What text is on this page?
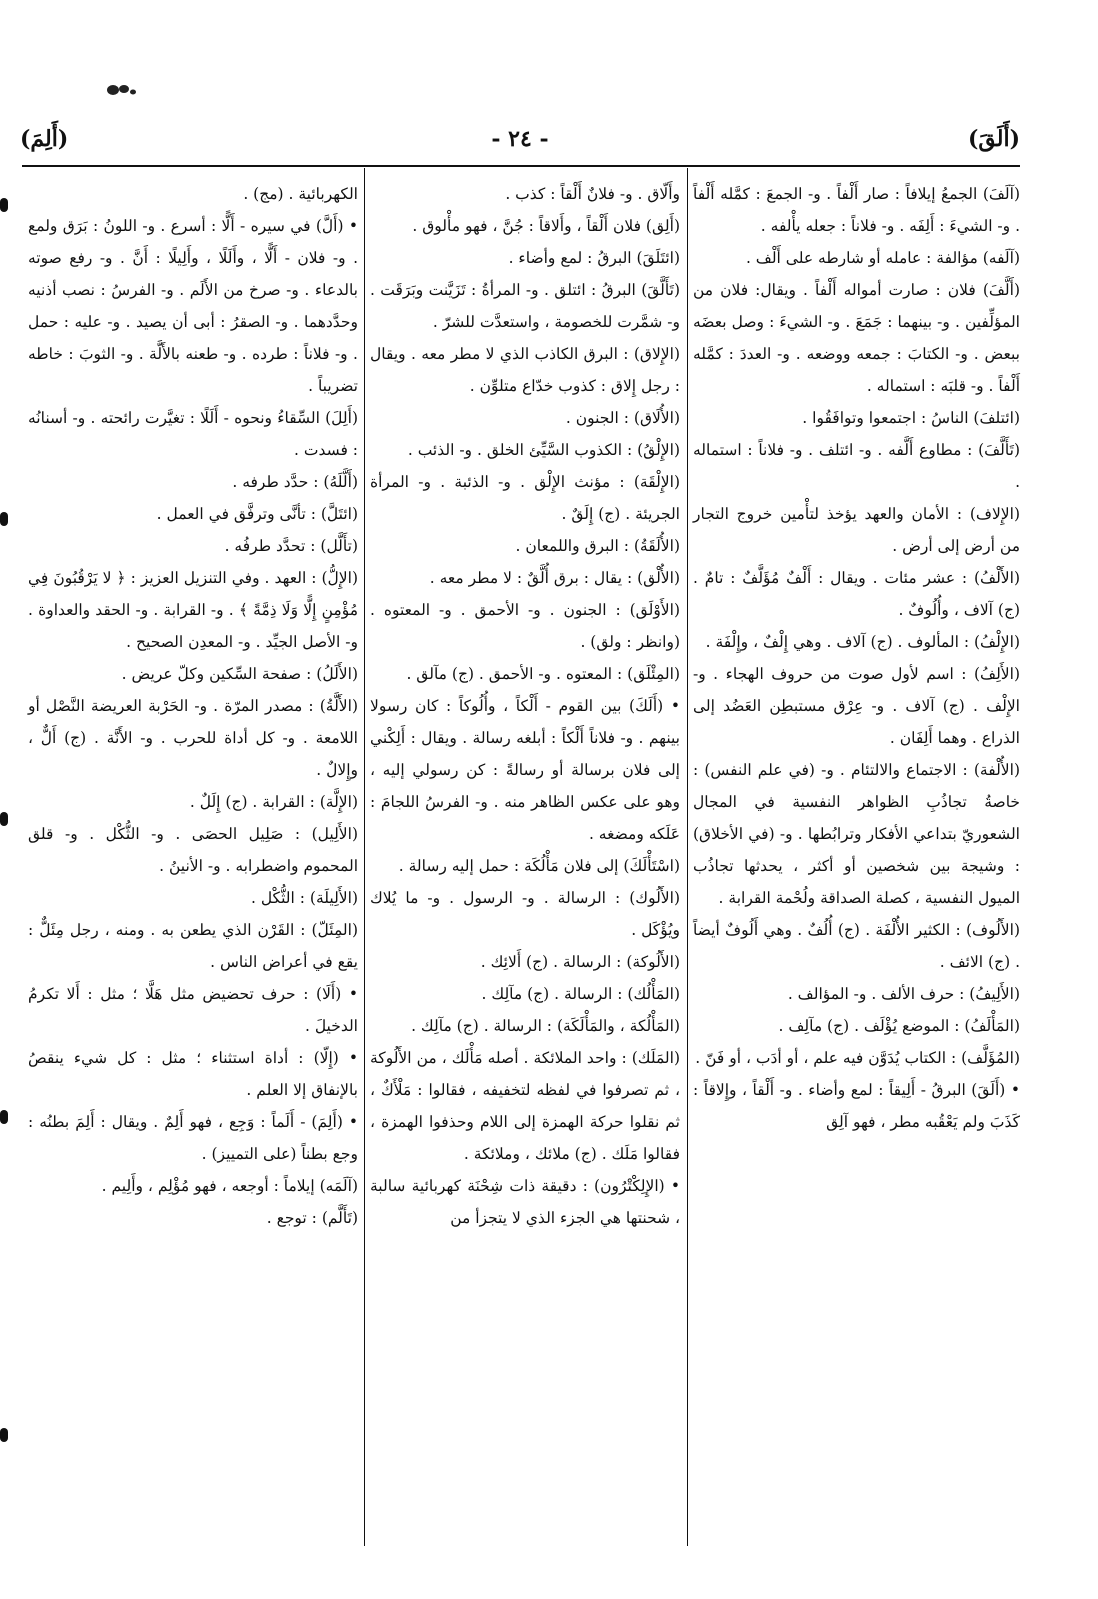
(أَلَقَ)
- ٢٤ -
(أَلِمَ)

(آلَفَ) الجمعُ إيلافاً : صار أَلْفاً . و- الجمعَ : كمَّله أَلْفاً . و- الشيءَ : أَلِفَه . و- فلاناً : جعله يأْلفه .

(آلَفه) مؤالفة : عامله أو شارطه على أَلْف .

(أَلَّفَ) فلان : صارت أمواله أَلْفاً . ويقال: فلان من المؤلِّفين . و- بينهما : جَمَعَ . و- الشيءَ : وصل بعضَه ببعض . و- الكتابَ : جمعه ووضعه . و- العددَ : كمَّله أَلْفاً . و- قلبَه : استماله .

(ائتلفَ) الناسُ : اجتمعوا وتوافَقُوا .

(تَأَلَّفَ) : مطاوع أَلَّفه . و- ائتلف . و- فلاناً : استماله .

(الإِلاف) : الأمان والعهد يؤخذ لتأْمين خروج التجار من أرض إلى أرض .

(الأَلْفُ) : عشر مئات . ويقال : أَلْفٌ مُؤَلَّفٌ : تامٌ . (ج) آلاف ، وأُلُوفٌ .

(الإِلْفُ) : المألوف . (ج) آلاف . وهي إِلْفٌ ، وإِلْفَة .

(الأَلِفُ) : اسم لأول صوت من حروف الهجاء . و- الإِلْف . (ج) آلاف . و- عِرْق مستبطِن العَضُد إلى الذراع . وهما أَلِفَان .

(الأُلْفة) : الاجتماع والالتئام . و- (في علم النفس) : خاصةُ تجاذُبِ الظواهر النفسية في المجال الشعوريّ بتداعي الأفكار وترابُطها . و- (في الأخلاق) : وشيجة بين شخصين أو أكثر ، يحدثها تجاذُب الميول النفسية ، كصلة الصداقة ولُحْمة القرابة .

(الأَلُوف) : الكثير الأُلْفَة . (ج) أُلُفٌ . وهي أَلُوفٌ أيضاً . (ج) الائف .

(الأَلِيفُ) : حرف الألف . و- المؤالف .

(المَأْلَفُ) : الموضع يُؤْلَف . (ج) مآلِف .

(المُؤَلَّف) : الكتاب يُدَوَّن فيه علم ، أو أدَب ، أو فَنّ .

• (أَلَقَ) البرقُ - أَلِيقاً : لمع وأضاء . و- أَلْقاً ، وإِلاقاً : كَذَبَ ولم يَعْقُبه مطر ، فهو آلِق

وأَلّاق . و- فلانٌ أَلْقاً : كذب .

(أَلِق) فلان أَلْقاً ، وأَلاقاً : جُنَّ ، فهو مأْلوق .

(ائتَلَقَ) البرقُ : لمع وأضاء .

(تَأَلَّقَ) البرقُ : ائتلق . و- المرأةُ : تَزَيَّنت وبَرَقَت . و- شمَّرت للخصومة ، واستعدَّت للشرّ .

(الإِلاق) : البرق الكاذب الذي لا مطر معه . ويقال : رجل إِلاق : كذوب خدّاع متلوِّن .

(الأُلَاق) : الجنون .

(الإِلْقُ) : الكذوب السَّيِّئ الخلق . و- الذئب .

(الإِلْقَة) : مؤنث الإِلْق . و- الذئبة . و- المرأة الجريئة . (ج) إِلَقٌ .

(الأُلَقَةُ) : البرق واللمعان .

(الأُلْق) : يقال : برق أُلَّقٌ : لا مطر معه .

(الأَوْلَق) : الجنون . و- الأحمق . و- المعتوه . (وانظر : ولق) .

(المِئْلَق) : المعتوه . و- الأحمق . (ج) مآلق .

• (أَلَكَ) بين القوم - أَلْكاً ، وأُلُوكاً : كان رسولا بينهم . و- فلاناً أَلْكاً : أبلغه رسالة . ويقال : أَلِكْني إلى فلان برسالة أو رسالةً : كن رسولي إليه ، وهو على عكس الظاهر منه . و- الفرسُ اللجامَ : عَلَكه ومضغه .

(اسْتَأْلَكَ) إلى فلان مَأْلُكَة : حمل إليه رسالة .

(الأَلُوك) : الرسالة . و- الرسول . و- ما يُلاك ويُؤْكَل .

(الأَلُوكة) : الرسالة . (ج) أَلائِك .

(المَأْلُك) : الرسالة . (ج) مآلِك .

(المَأْلُكة ، والمَأْلَكَة) : الرسالة . (ج) مآلِك .

(المَلَك) : واحد الملائكة . أصله مَأْلَك ، من الأَلُوكة ، ثم تصرفوا في لفظه لتخفيفه ، فقالوا : مَلْأَكٌ ، ثم نقلوا حركة الهمزة إلى اللام وحذفوا الهمزة ، فقالوا مَلَك . (ج) ملائك ، وملائكة .

• (الإِلِكْتْرُون) : دقيقة ذات شِحْنَة كهربائية سالبة ، شحنتها هي الجزء الذي لا يتجزأ من

الكهربائية . (مج) .

• (أَلَّ) في سيره - أَلًّا : أسرع . و- اللونُ : بَرَق ولمع . و- فلان - أَلًّا ، وأَلَلًا ، وأَلِيلًا : أَنَّ . و- رفع صوته بالدعاء . و- صرخ من الأَلَم . و- الفرسُ : نصب أذنيه وحدَّدهما . و- الصقرُ : أبى أن يصيد . و- عليه : حمل . و- فلاناً : طرده . و- طعنه بالأَلَّة . و- الثوبَ : خاطه تضريباً .

(أَلِلَ) السِّقاءُ ونحوه - أَلَلًا : تغيَّرت رائحته . و- أسنانُه : فسدت .

(أَلَّلَهُ) : حدَّد طرفه .

(ائتَلَّ) : تأنَّى وترفَّق في العمل .

(تأَلَّل) : تحدَّد طرفُه .

(الإِلُّ) : العهد . وفي التنزيل العزيز : ﴿ لا يَرْقُبُونَ فِي مُؤْمِنٍ إِلًّا وَلَا ذِمَّةً ﴾ . و- القرابة . و- الحقد والعداوة . و- الأصل الجيِّد . و- المعدِن الصحيح .

(الأَلَلُ) : صفحة السِّكين وكلّ عريض .

(الأَلَّةُ) : مصدر المرّة . و- الحَرْبة العريضة النَّصْل أو اللامعة . و- كل أداة للحرب . و- الأَنَّة . (ج) أَلٌّ ، وإِلالٌ .

(الإِلَّة) : القرابة . (ج) إِلَلٌ .

(الأَلِيل) : صَلِيل الحصَى . و- الثُّكْل . و- قلق المحموم واضطرابه . و- الأنينُ .

(الأَلِيلَة) : الثُّكْل .

(المِئَلّ) : القَرْن الذي يطعن به . ومنه ، رجل مِئَلٌّ : يقع في أعراض الناس .

• (أَلَا) : حرف تحضيض مثل هَلَّا ؛ مثل : أَلا تكرمُ الدخيلَ .

• (إِلّا) : أداة استثناء ؛ مثل : كل شيء ينقصُ بالإنفاق إلا العلم .

• (أَلِمَ) - أَلَماً : وَجِع ، فهو أَلِمٌ . ويقال : أَلِمَ بطنُه : وجع بطناً (على التمييز) .

(آلَمَه) إيلاماً : أوجعه ، فهو مُؤْلِم ، وأَلِيم .

(تَأَلَّم) : توجع .
